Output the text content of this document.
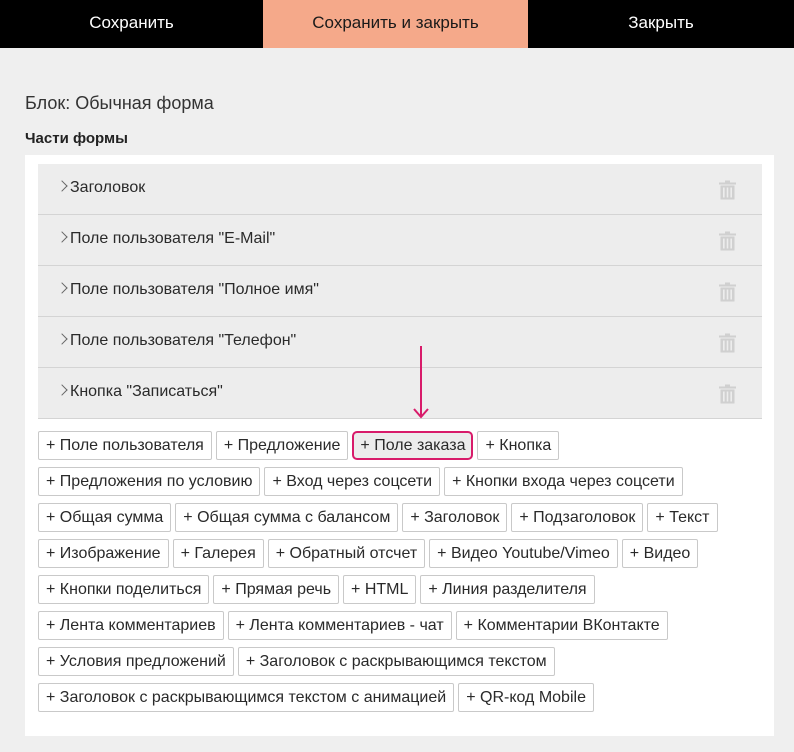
Сохранить	Сохранить и закрыть	Закрыть
Блок: Обычная форма
Части формы
Заголовок
Поле пользователя "E-Mail"
Поле пользователя "Полное имя"
Поле пользователя "Телефон"
Кнопка "Записаться"
+ Поле пользователя	+ Предложение	+ Поле заказа	+ Кнопка
+ Предложения по условию	+ Вход через соцсети	+ Кнопки входа через соцсети
+ Общая сумма	+ Общая сумма с балансом	+ Заголовок	+ Подзаголовок	+ Текст
+ Изображение	+ Галерея	+ Обратный отсчет	+ Видео Youtube/Vimeo	+ Видео
+ Кнопки поделиться	+ Прямая речь	+ HTML	+ Линия разделителя
+ Лента комментариев	+ Лента комментариев - чат	+ Комментарии ВКонтакте
+ Условия предложений	+ Заголовок с раскрывающимся текстом
+ Заголовок с раскрывающимся текстом с анимацией	+ QR-код Mobile
